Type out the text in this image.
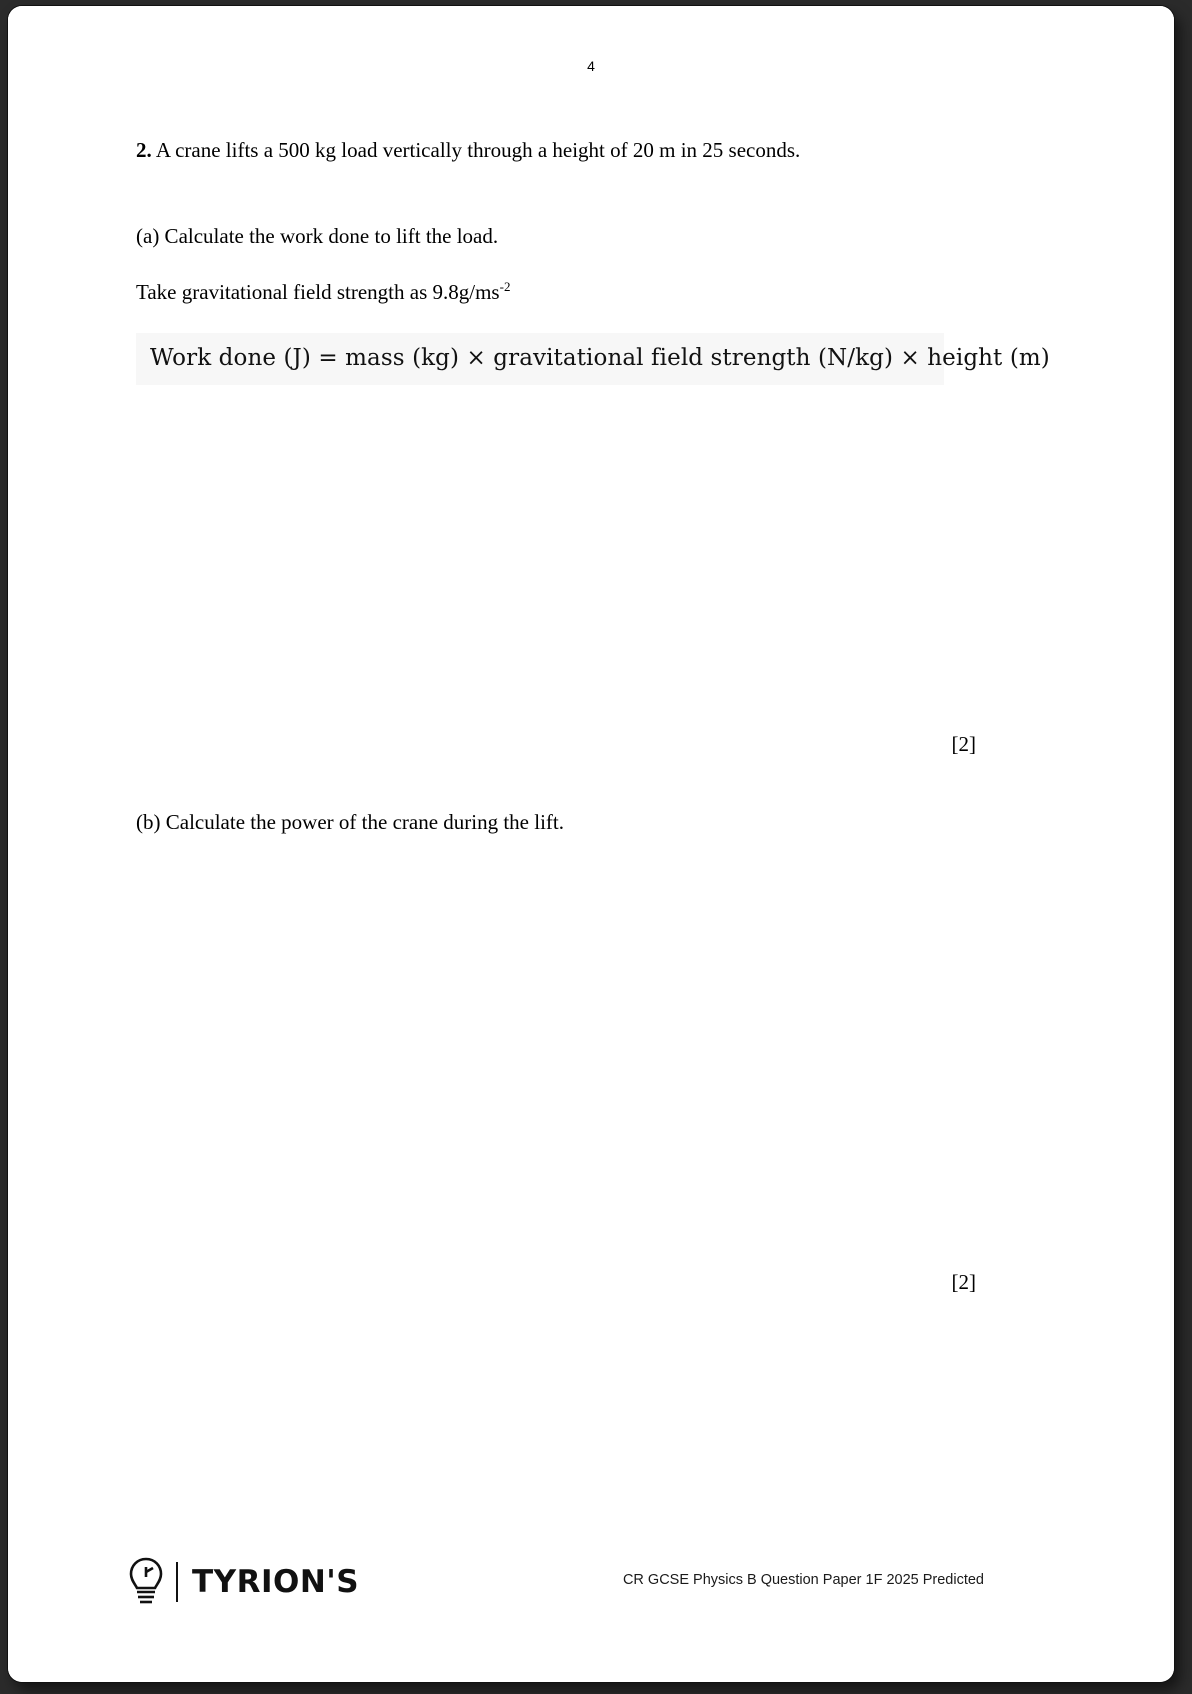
4

2. A crane lifts a 500 kg load vertically through a height of 20 m in 25 seconds.

(a) Calculate the work done to lift the load.
Take gravitational field strength as $9.8g/ms^{-2}$
Work done (J) = mass (kg) × gravitational field strength (N/kg) × height (m)
[2]
(b) Calculate the power of the crane during the lift.
[2]
TYRION'S	CR GCSE Physics B Question Paper 1F 2025 Predicted
